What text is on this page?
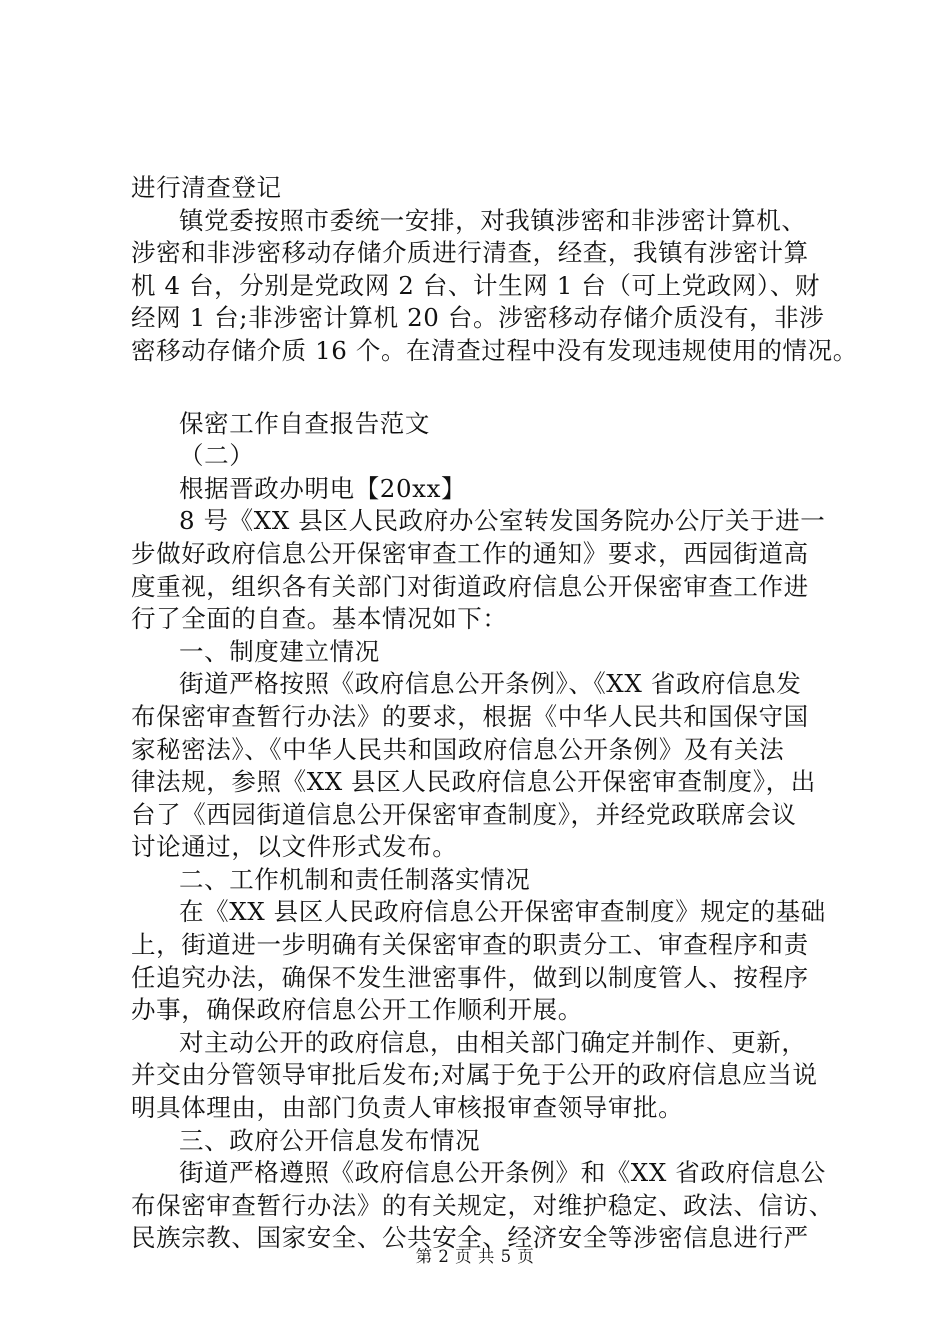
进行清查登记
镇党委按照市委统一安排，对我镇涉密和非涉密计算机、
涉密和非涉密移动存储介质进行清查，经查，我镇有涉密计算
机 4 台，分别是党政网 2 台、计生网 1 台（可上党政网）、财
经网 1 台;非涉密计算机 20 台。涉密移动存储介质没有，非涉
密移动存储介质 16 个。在清查过程中没有发现违规使用的情况。
保密工作自查报告范文
（二）
根据晋政办明电【20xx】
8 号《XX 县区人民政府办公室转发国务院办公厅关于进一
步做好政府信息公开保密审查工作的通知》要求，西园街道高
度重视，组织各有关部门对街道政府信息公开保密审查工作进
行了全面的自查。基本情况如下：
一、制度建立情况
街道严格按照《政府信息公开条例》、《XX 省政府信息发
布保密审查暂行办法》的要求，根据《中华人民共和国保守国
家秘密法》、《中华人民共和国政府信息公开条例》及有关法
律法规，参照《XX 县区人民政府信息公开保密审查制度》，出
台了《西园街道信息公开保密审查制度》，并经党政联席会议
讨论通过，以文件形式发布。
二、工作机制和责任制落实情况
在《XX 县区人民政府信息公开保密审查制度》规定的基础
上，街道进一步明确有关保密审查的职责分工、审查程序和责
任追究办法，确保不发生泄密事件，做到以制度管人、按程序
办事，确保政府信息公开工作顺利开展。
对主动公开的政府信息，由相关部门确定并制作、更新，
并交由分管领导审批后发布;对属于免于公开的政府信息应当说
明具体理由，由部门负责人审核报审查领导审批。
三、政府公开信息发布情况
街道严格遵照《政府信息公开条例》和《XX 省政府信息公
布保密审查暂行办法》的有关规定，对维护稳定、政法、信访、
民族宗教、国家安全、公共安全、经济安全等涉密信息进行严
第 2 页 共 5 页
